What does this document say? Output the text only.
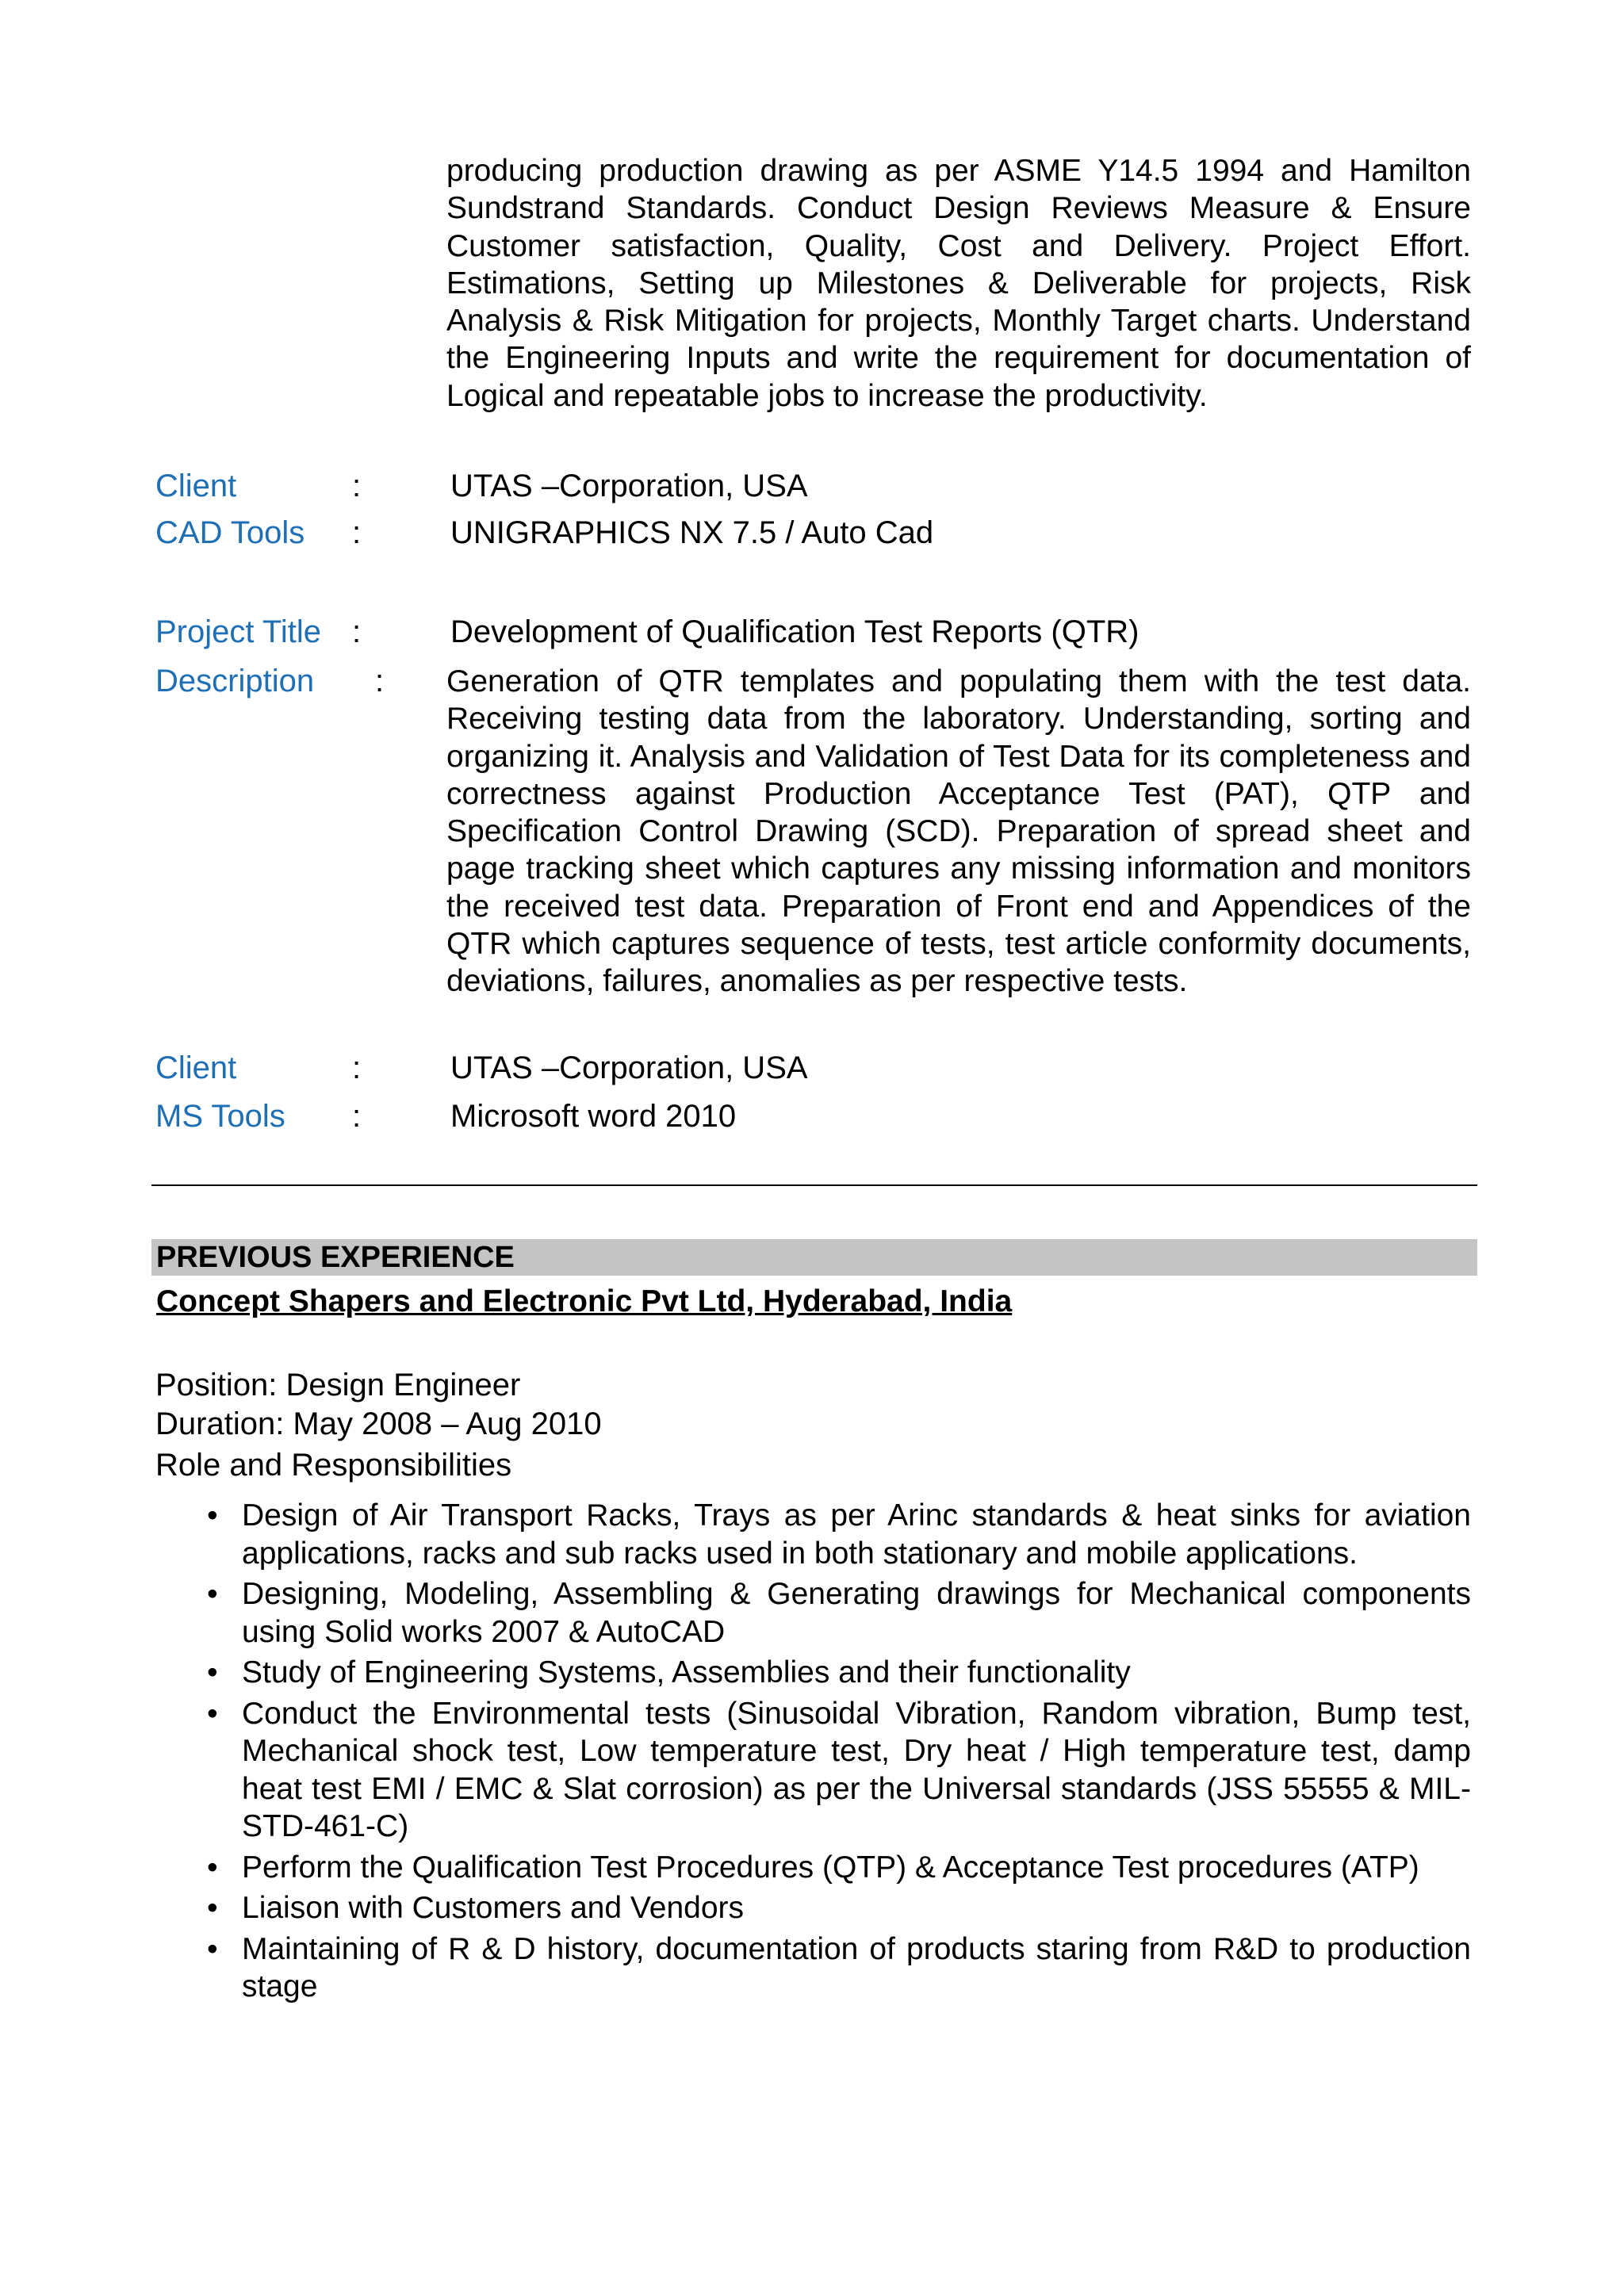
producing production drawing as per ASME Y14.5 1994 and Hamilton Sundstrand Standards. Conduct Design Reviews Measure & Ensure Customer satisfaction, Quality, Cost and Delivery. Project Effort. Estimations, Setting up Milestones & Deliverable for projects, Risk Analysis & Risk Mitigation for projects, Monthly Target charts. Understand the Engineering Inputs and write the requirement for documentation of Logical and repeatable jobs to increase the productivity.

Client	:	UTAS –Corporation, USA
CAD Tools :	UNIGRAPHICS NX 7.5 / Auto Cad
Project Title :	Development of Qualification Test Reports (QTR)
Description : Generation of QTR templates and populating them with the test data. Receiving testing data from the laboratory. Understanding, sorting and organizing it. Analysis and Validation of Test Data for its completeness and correctness against Production Acceptance Test (PAT), QTP and Specification Control Drawing (SCD). Preparation of spread sheet and page tracking sheet which captures any missing information and monitors the received test data. Preparation of Front end and Appendices of the QTR which captures sequence of tests, test article conformity documents, deviations, failures, anomalies as per respective tests.

Client	:	UTAS –Corporation, USA
MS Tools :	Microsoft word 2010
PREVIOUS EXPERIENCE
Concept Shapers and Electronic Pvt Ltd, Hyderabad, India
Position: Design Engineer
Duration: May 2008 – Aug 2010
Role and Responsibilities
• Design of Air Transport Racks, Trays as per Arinc standards & heat sinks for aviation applications, racks and sub racks used in both stationary and mobile applications.
• Designing, Modeling, Assembling & Generating drawings for Mechanical components using Solid works 2007 & AutoCAD
• Study of Engineering Systems, Assemblies and their functionality
• Conduct the Environmental tests (Sinusoidal Vibration, Random vibration, Bump test, Mechanical shock test, Low temperature test, Dry heat / High temperature test, damp heat test EMI / EMC & Slat corrosion) as per the Universal standards (JSS 55555 & MIL-STD-461-C)
• Perform the Qualification Test Procedures (QTP) & Acceptance Test procedures (ATP)
• Liaison with Customers and Vendors
• Maintaining of R & D history, documentation of products staring from R&D to production stage
